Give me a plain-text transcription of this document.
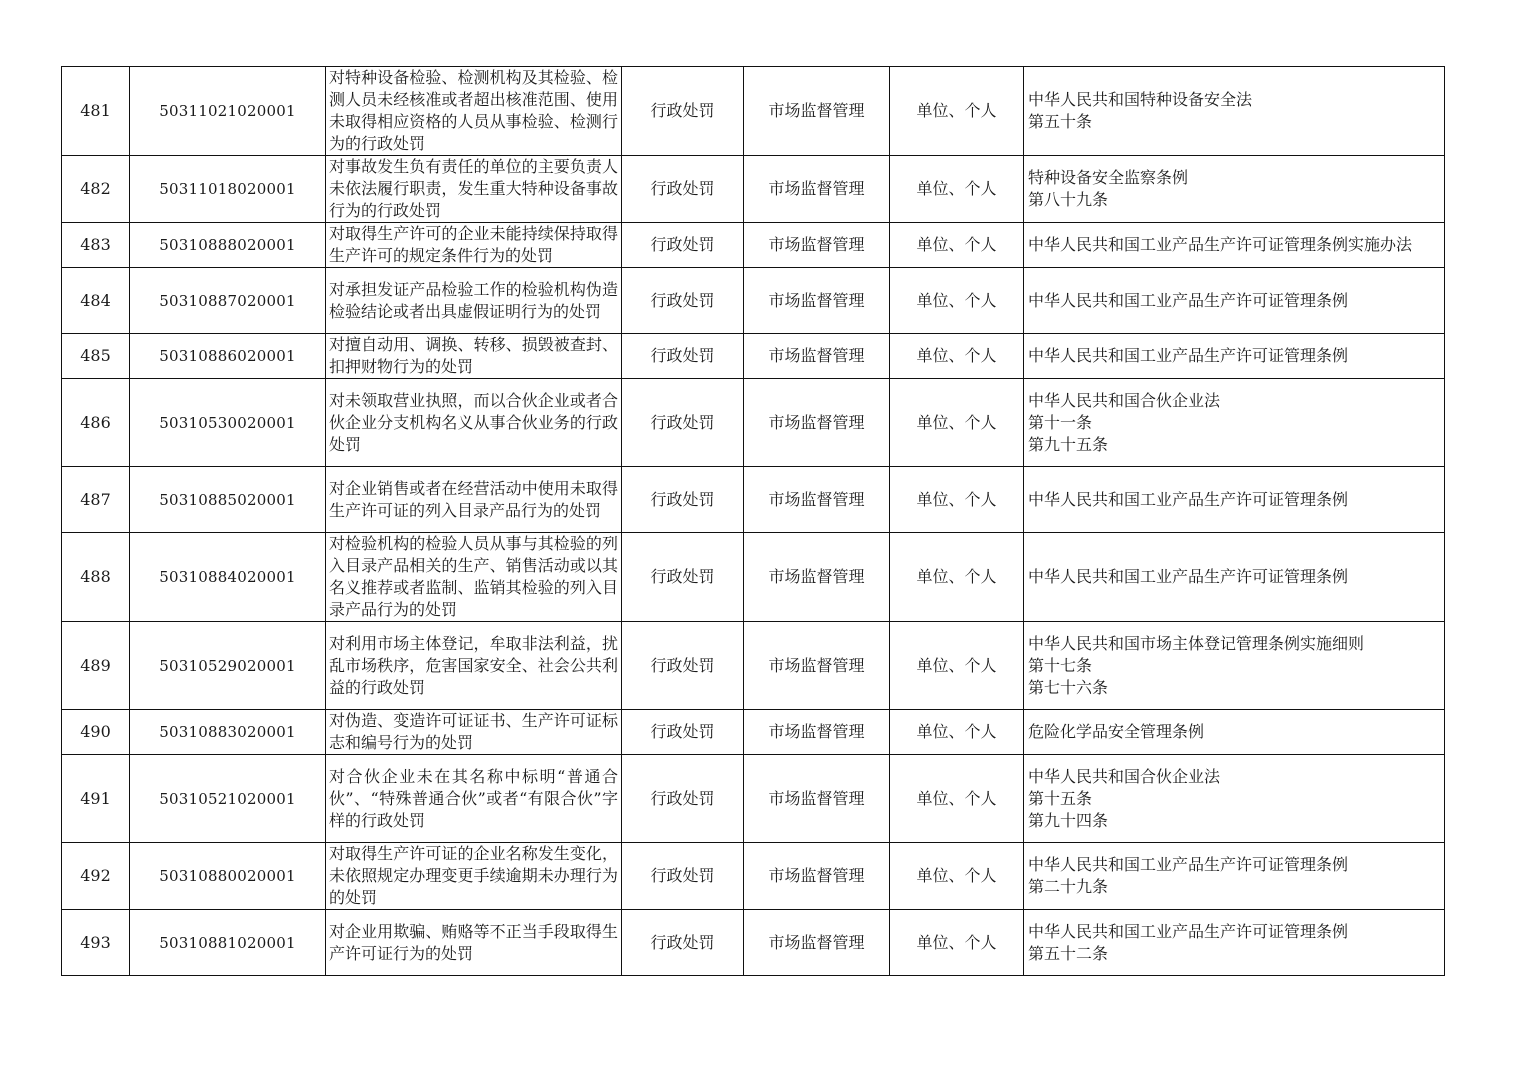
481	50311021020001	对特种设备检验、检测机构及其检验、检测人员未经核准或者超出核准范围、使用未取得相应资格的人员从事检验、检测行为的行政处罚	行政处罚	市场监督管理	单位、个人	中华人民共和国特种设备安全法
第五十条

482	50311018020001	对事故发生负有责任的单位的主要负责人未依法履行职责，发生重大特种设备事故行为的行政处罚	行政处罚	市场监督管理	单位、个人	特种设备安全监察条例
第八十九条

483	50310888020001	对取得生产许可的企业未能持续保持取得生产许可的规定条件行为的处罚	行政处罚	市场监督管理	单位、个人	中华人民共和国工业产品生产许可证管理条例实施办法

484	50310887020001	对承担发证产品检验工作的检验机构伪造检验结论或者出具虚假证明行为的处罚	行政处罚	市场监督管理	单位、个人	中华人民共和国工业产品生产许可证管理条例

485	50310886020001	对擅自动用、调换、转移、损毁被查封、扣押财物行为的处罚	行政处罚	市场监督管理	单位、个人	中华人民共和国工业产品生产许可证管理条例

486	50310530020001	对未领取营业执照，而以合伙企业或者合伙企业分支机构名义从事合伙业务的行政处罚	行政处罚	市场监督管理	单位、个人	中华人民共和国合伙企业法
第十一条
第九十五条

487	50310885020001	对企业销售或者在经营活动中使用未取得生产许可证的列入目录产品行为的处罚	行政处罚	市场监督管理	单位、个人	中华人民共和国工业产品生产许可证管理条例

488	50310884020001	对检验机构的检验人员从事与其检验的列入目录产品相关的生产、销售活动或以其名义推荐或者监制、监销其检验的列入目录产品行为的处罚	行政处罚	市场监督管理	单位、个人	中华人民共和国工业产品生产许可证管理条例

489	50310529020001	对利用市场主体登记，牟取非法利益，扰乱市场秩序，危害国家安全、社会公共利益的行政处罚	行政处罚	市场监督管理	单位、个人	中华人民共和国市场主体登记管理条例实施细则
第十七条
第七十六条

490	50310883020001	对伪造、变造许可证证书、生产许可证标志和编号行为的处罚	行政处罚	市场监督管理	单位、个人	危险化学品安全管理条例

491	50310521020001	对合伙企业未在其名称中标明“普通合伙”、“特殊普通合伙”或者“有限合伙”字样的行政处罚	行政处罚	市场监督管理	单位、个人	中华人民共和国合伙企业法
第十五条
第九十四条

492	50310880020001	对取得生产许可证的企业名称发生变化，未依照规定办理变更手续逾期未办理行为的处罚	行政处罚	市场监督管理	单位、个人	中华人民共和国工业产品生产许可证管理条例
第二十九条

493	50310881020001	对企业用欺骗、贿赂等不正当手段取得生产许可证行为的处罚	行政处罚	市场监督管理	单位、个人	中华人民共和国工业产品生产许可证管理条例
第五十二条
